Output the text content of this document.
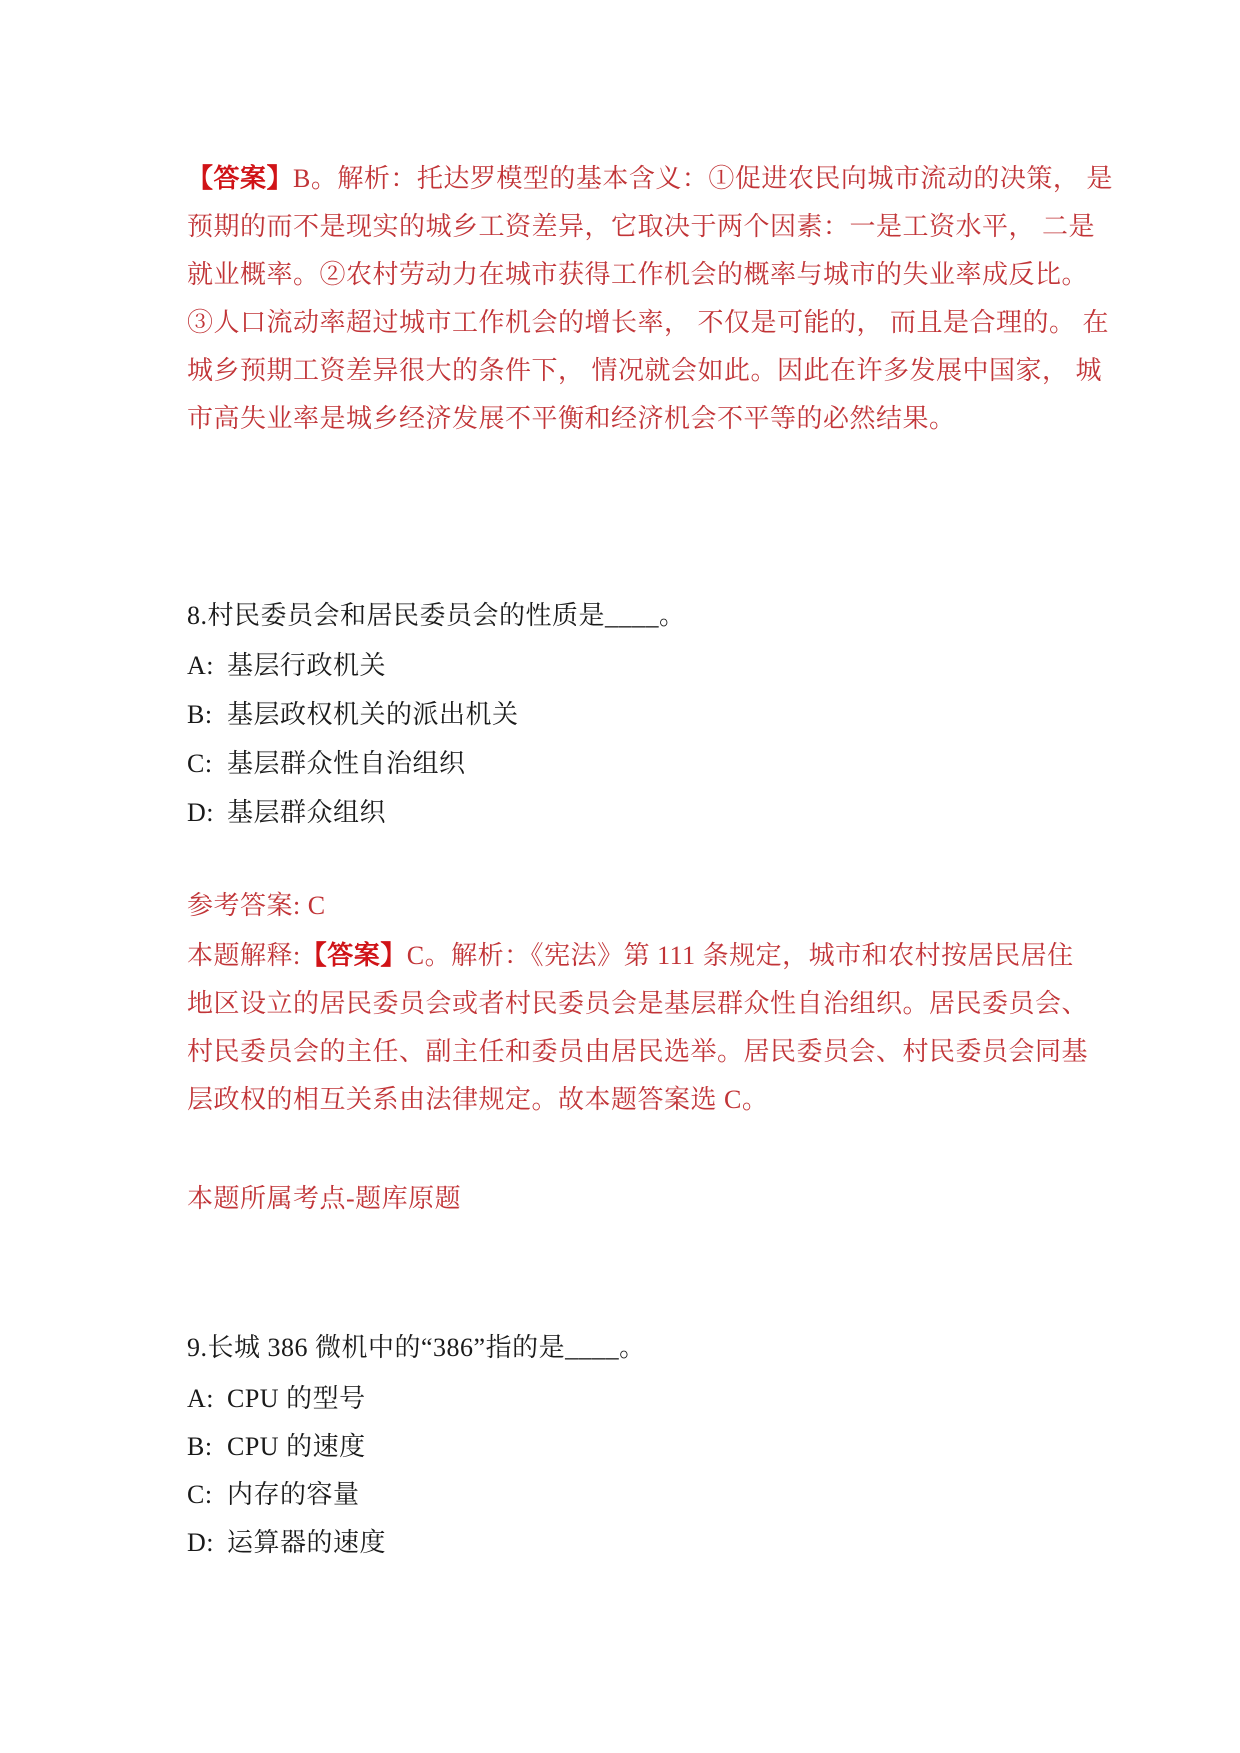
【答案】B。解析：托达罗模型的基本含义：①促进农民向城市流动的决策， 是
预期的而不是现实的城乡工资差异，它取决于两个因素：一是工资水平， 二是
就业概率。②农村劳动力在城市获得工作机会的概率与城市的失业率成反比。
③人口流动率超过城市工作机会的增长率， 不仅是可能的， 而且是合理的。 在
城乡预期工资差异很大的条件下， 情况就会如此。因此在许多发展中国家， 城
市高失业率是城乡经济发展不平衡和经济机会不平等的必然结果。
8.村民委员会和居民委员会的性质是____。
A: 基层行政机关
B: 基层政权机关的派出机关
C: 基层群众性自治组织
D: 基层群众组织
参考答案: C
本题解释:【答案】C。解析：《宪法》第 111 条规定，城市和农村按居民居住
地区设立的居民委员会或者村民委员会是基层群众性自治组织。居民委员会、
村民委员会的主任、副主任和委员由居民选举。居民委员会、村民委员会同基
层政权的相互关系由法律规定。故本题答案选 C。
本题所属考点-题库原题
9.长城 386 微机中的“386”指的是____。
A: CPU 的型号
B: CPU 的速度
C: 内存的容量
D: 运算器的速度
